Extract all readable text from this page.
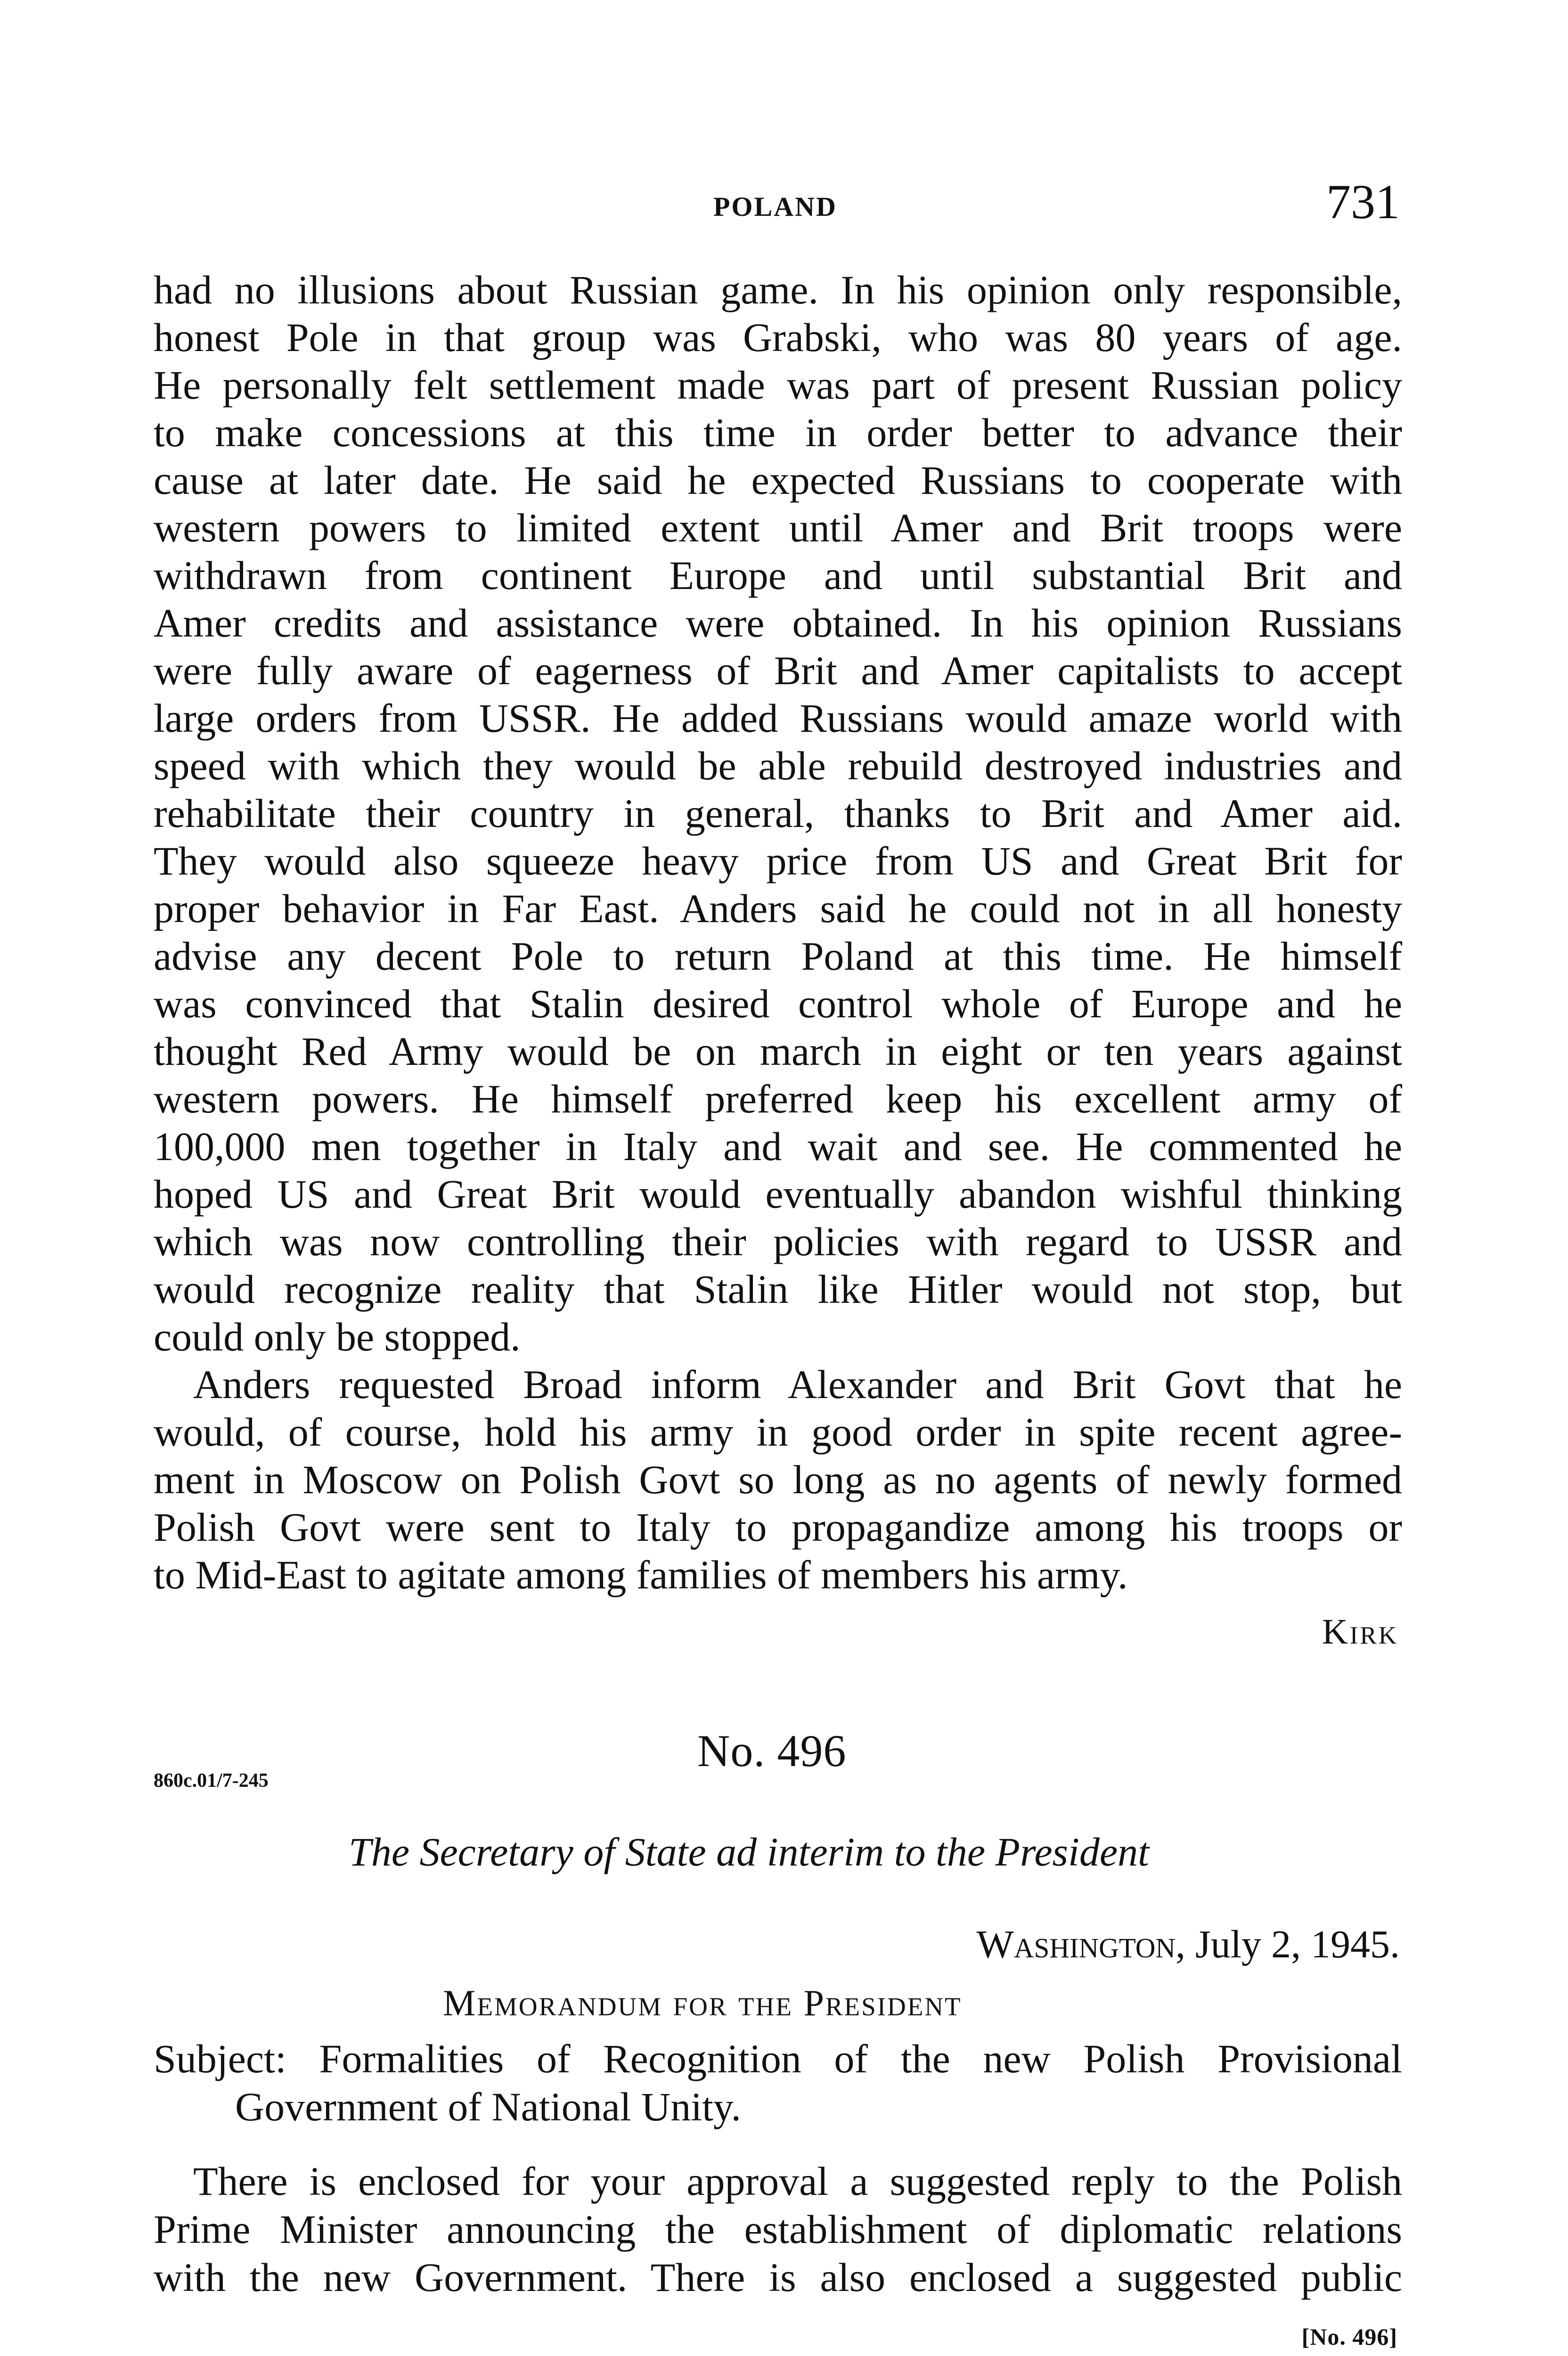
POLAND	731
had no illusions about Russian game. In his opinion only responsible,
honest Pole in that group was Grabski, who was 80 years of age.
He personally felt settlement made was part of present Russian policy
to make concessions at this time in order better to advance their
cause at later date. He said he expected Russians to cooperate with
western powers to limited extent until Amer and Brit troops were
withdrawn from continent Europe and until substantial Brit and
Amer credits and assistance were obtained. In his opinion Russians
were fully aware of eagerness of Brit and Amer capitalists to accept
large orders from USSR. He added Russians would amaze world with
speed with which they would be able rebuild destroyed industries and
rehabilitate their country in general, thanks to Brit and Amer aid.
They would also squeeze heavy price from US and Great Brit for
proper behavior in Far East. Anders said he could not in all honesty
advise any decent Pole to return Poland at this time. He himself
was convinced that Stalin desired control whole of Europe and he
thought Red Army would be on march in eight or ten years against
western powers. He himself preferred keep his excellent army of
100,000 men together in Italy and wait and see. He commented he
hoped US and Great Brit would eventually abandon wishful thinking
which was now controlling their policies with regard to USSR and
would recognize reality that Stalin like Hitler would not stop, but
could only be stopped.
Anders requested Broad inform Alexander and Brit Govt that he
would, of course, hold his army in good order in spite recent agree-
ment in Moscow on Polish Govt so long as no agents of newly formed
Polish Govt were sent to Italy to propagandize among his troops or
to Mid-East to agitate among families of members his army.
Kirk
No. 496
860c.01/7-245
The Secretary of State ad interim to the President
Washington, July 2, 1945.
Memorandum for the President
Subject: Formalities of Recognition of the new Polish Provisional
Government of National Unity.
There is enclosed for your approval a suggested reply to the Polish
Prime Minister announcing the establishment of diplomatic relations
with the new Government. There is also enclosed a suggested public
[No. 496]
